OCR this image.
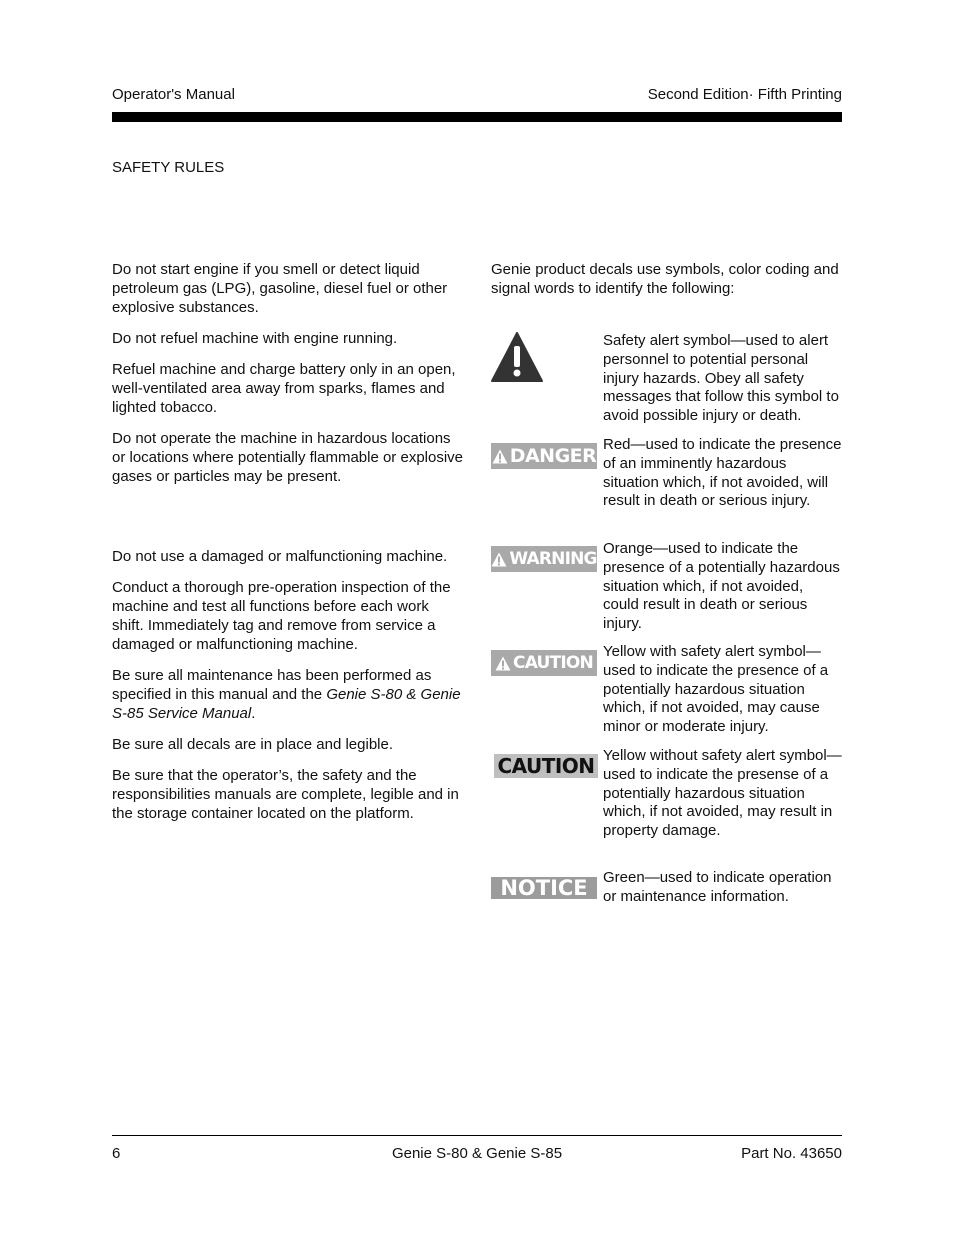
Operator's Manual	Second Edition· Fifth Printing
SAFETY RULES

Do not start engine if you smell or detect liquid petroleum gas (LPG), gasoline, diesel fuel or other explosive substances.

Do not refuel machine with engine running.

Refuel machine and charge battery only in an open, well-ventilated area away from sparks, flames and lighted tobacco.

Do not operate the machine in hazardous locations or locations where potentially flammable or explosive gases or particles may be present.

Do not use a damaged or malfunctioning machine.

Conduct a thorough pre-operation inspection of the machine and test all functions before each work shift. Immediately tag and remove from service a damaged or malfunctioning machine.

Be sure all maintenance has been performed as specified in this manual and the Genie S-80 & Genie S-85 Service Manual.

Be sure all decals are in place and legible.

Be sure that the operator’s, the safety and the responsibilities manuals are complete, legible and in the storage container located on the platform.

Genie product decals use symbols, color coding and signal words to identify the following:
Safety alert symbol—used to alert personnel to potential personal injury hazards. Obey all safety messages that follow this symbol to avoid possible injury or death.
DANGER
Red—used to indicate the presence of an imminently hazardous situation which, if not avoided, will result in death or serious injury.
WARNING
Orange—used to indicate the presence of a potentially hazardous situation which, if not avoided, could result in death or serious injury.
CAUTION
Yellow with safety alert symbol—used to indicate the presence of a potentially hazardous situation which, if not avoided, may cause minor or moderate injury.
CAUTION Yellow without safety alert symbol—used to indicate the presense of a potentially hazardous situation which, if not avoided, may result in property damage.
NOTICE Green—used to indicate operation or maintenance information.
6	Genie S-80 & Genie S-85	Part No. 43650
